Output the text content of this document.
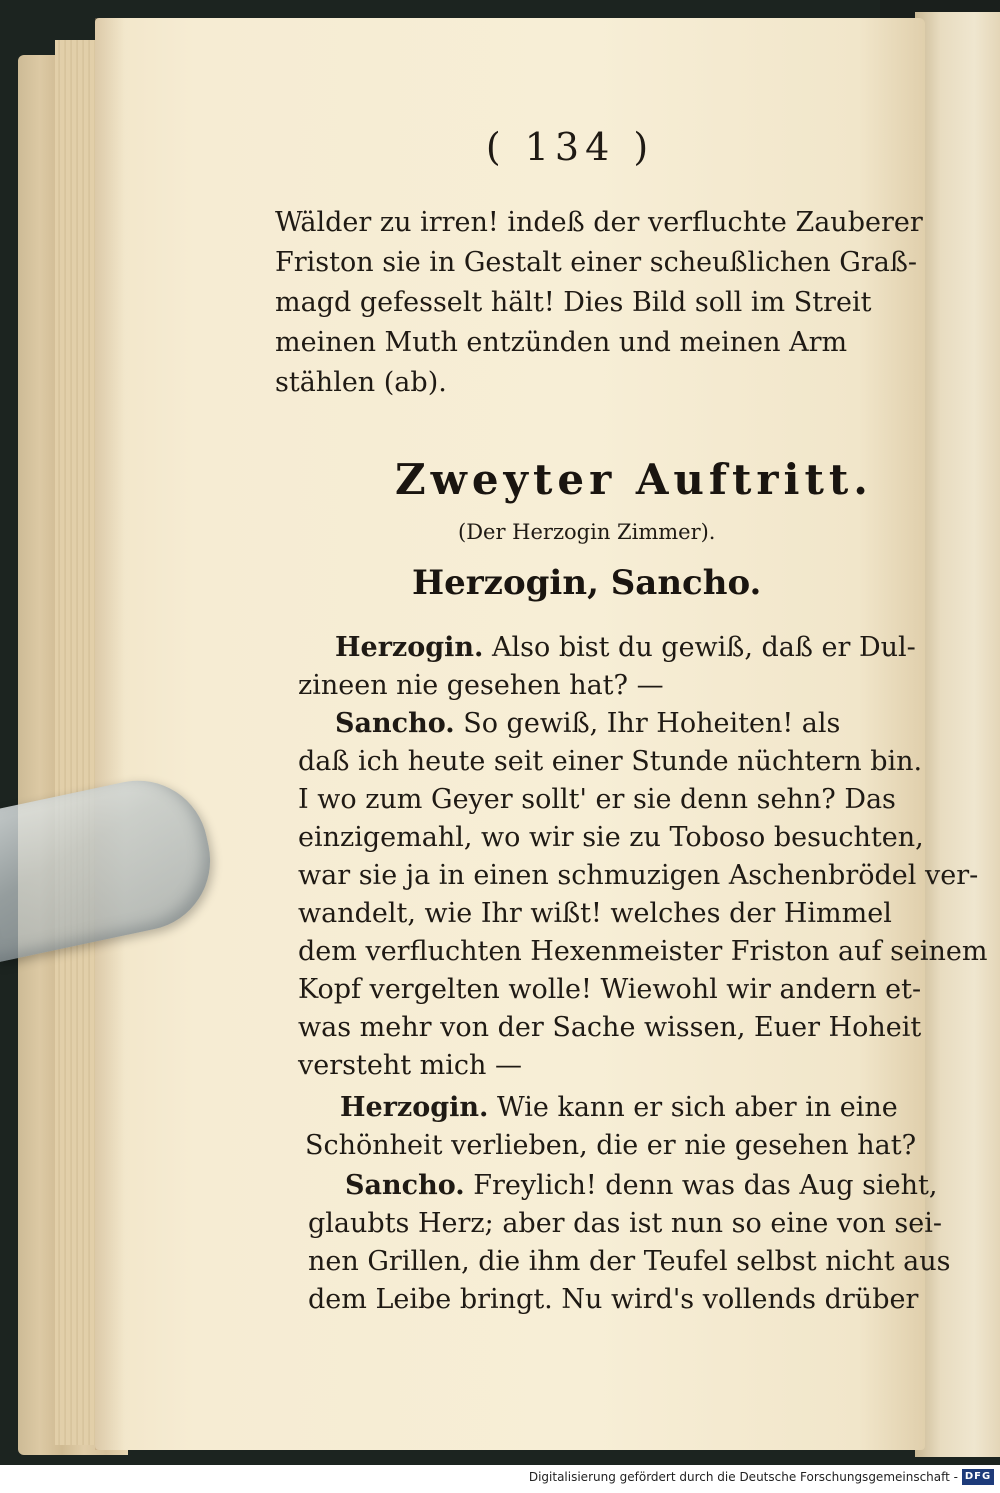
( 134 )
Wälder zu irren! indeß der verfluchte Zauberer
Friston sie in Gestalt einer scheußlichen Graß-
magd gefesselt hält! Dies Bild soll im Streit
meinen Muth entzünden und meinen Arm
stählen (ab).
Zweyter Auftritt.
(Der Herzogin Zimmer).
Herzogin, Sancho.
Herzogin. Also bist du gewiß, daß er Dul-
zineen nie gesehen hat? —
Sancho. So gewiß, Ihr Hoheiten! als
daß ich heute seit einer Stunde nüchtern bin.
I wo zum Geyer sollt' er sie denn sehn? Das
einzigemahl, wo wir sie zu Toboso besuchten,
war sie ja in einen schmuzigen Aschenbrödel ver-
wandelt, wie Ihr wißt! welches der Himmel
dem verfluchten Hexenmeister Friston auf seinem
Kopf vergelten wolle! Wiewohl wir andern et-
was mehr von der Sache wissen, Euer Hoheit
versteht mich —
Herzogin. Wie kann er sich aber in eine
Schönheit verlieben, die er nie gesehen hat?
Sancho. Freylich! denn was das Aug sieht,
glaubts Herz; aber das ist nun so eine von sei-
nen Grillen, die ihm der Teufel selbst nicht aus
dem Leibe bringt. Nu wird's vollends drüber
Digitalisierung gefördert durch die Deutsche Forschungsgemeinschaft - DFG
